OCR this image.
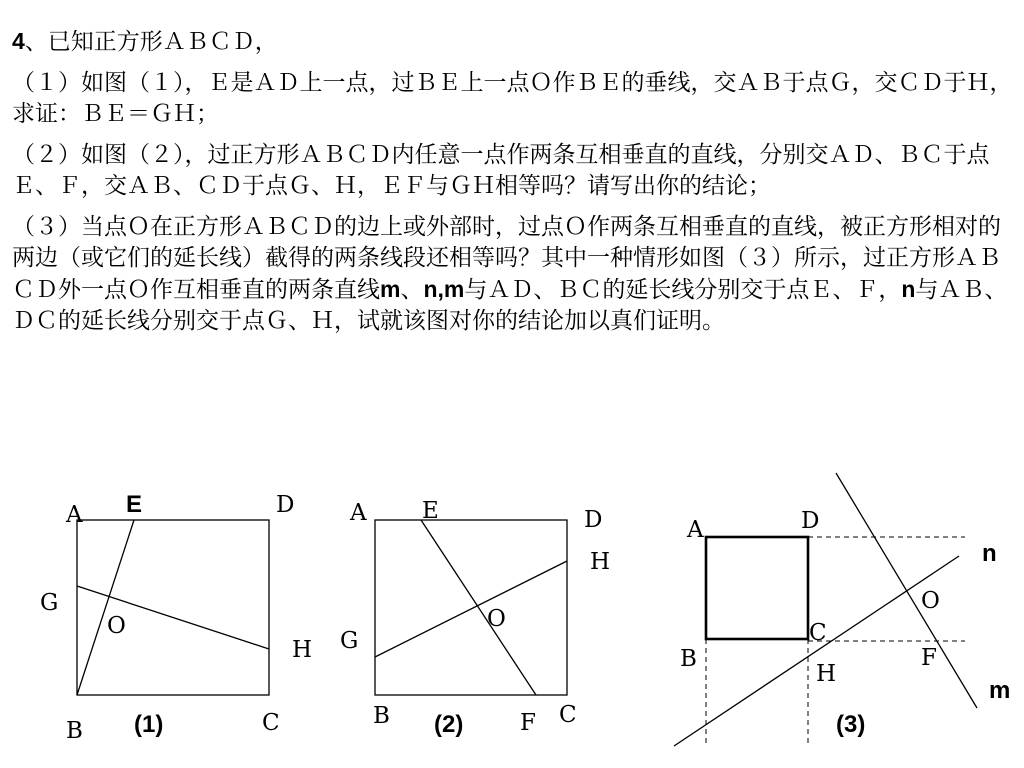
4、已知正方形ＡＢＣＤ，

（１）如图（１），Ｅ是ＡＤ上一点，过ＢＥ上一点Ｏ作ＢＥ的垂线，交ＡＢ于点Ｇ，交ＣＤ于Ｈ，求证：ＢＥ＝ＧＨ；

（２）如图（２），过正方形ＡＢＣＤ内任意一点作两条互相垂直的直线，分别交ＡＤ、ＢＣ于点Ｅ、Ｆ，交ＡＢ、ＣＤ于点Ｇ、Ｈ，ＥＦ与ＧＨ相等吗？请写出你的结论；

（３）当点Ｏ在正方形ＡＢＣＤ的边上或外部时，过点Ｏ作两条互相垂直的直线，被正方形相对的两边（或它们的延长线）截得的两条线段还相等吗？其中一种情形如图（３）所示，过正方形ＡＢＣＤ外一点Ｏ作互相垂直的两条直线m、n,m与ＡＤ、ＢＣ的延长线分别交于点Ｅ、Ｆ，n与ＡＢ、ＤＣ的延长线分别交于点Ｇ、Ｈ，试就该图对你的结论加以真们证明。

A E	D
G
O
H
B	C
(1)
A E	D
H
O
G
B	F C
(2)
A	D
n
O
C
B	F
H
m
(3)
